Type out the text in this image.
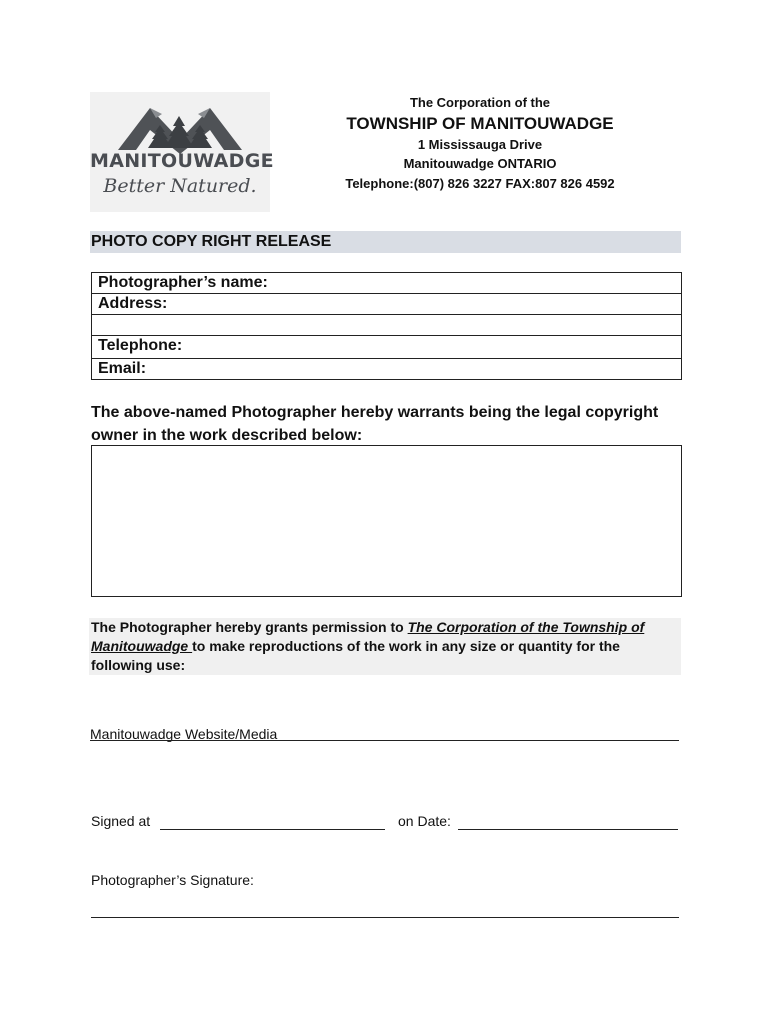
MANITOUWADGE
Better Natured.
The Corporation of the
TOWNSHIP OF MANITOUWADGE
1 Mississauga Drive
Manitouwadge ONTARIO
Telephone:(807) 826 3227 FAX:807 826 4592
PHOTO COPY RIGHT RELEASE
Photographer’s name:
Address:
Telephone:
Email:
The above-named Photographer hereby warrants being the legal copyright owner in the work described below:
The Photographer hereby grants permission to The Corporation of the Township of Manitouwadge to make reproductions of the work in any size or quantity for the following use:
Manitouwadge Website/Media
Signed at	on Date:
Photographer’s Signature:
